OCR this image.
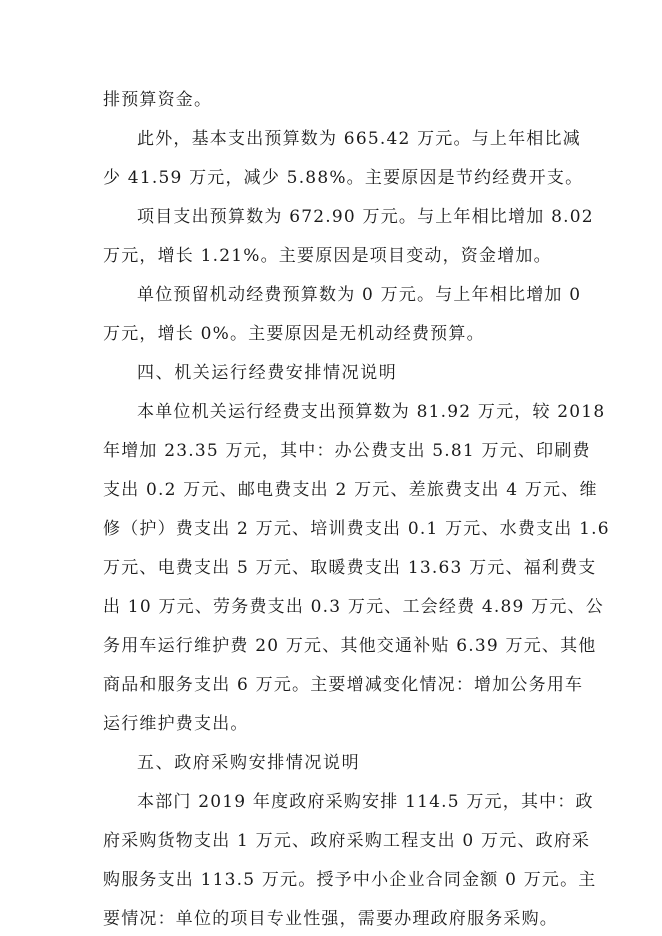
排预算资金。
此外，基本支出预算数为 665.42 万元。与上年相比减
少 41.59 万元，减少 5.88%。主要原因是节约经费开支。
项目支出预算数为 672.90 万元。与上年相比增加 8.02
万元，增长 1.21%。主要原因是项目变动，资金增加。
单位预留机动经费预算数为 0 万元。与上年相比增加 0
万元，增长 0%。主要原因是无机动经费预算。
四、机关运行经费安排情况说明
本单位机关运行经费支出预算数为 81.92 万元，较 2018
年增加 23.35 万元，其中：办公费支出 5.81 万元、印刷费
支出 0.2 万元、邮电费支出 2 万元、差旅费支出 4 万元、维
修（护）费支出 2 万元、培训费支出 0.1 万元、水费支出 1.6
万元、电费支出 5 万元、取暖费支出 13.63 万元、福利费支
出 10 万元、劳务费支出 0.3 万元、工会经费 4.89 万元、公
务用车运行维护费 20 万元、其他交通补贴 6.39 万元、其他
商品和服务支出 6 万元。主要增减变化情况：增加公务用车
运行维护费支出。
五、政府采购安排情况说明
本部门 2019 年度政府采购安排 114.5 万元，其中：政
府采购货物支出 1 万元、政府采购工程支出 0 万元、政府采
购服务支出 113.5 万元。授予中小企业合同金额 0 万元。主
要情况：单位的项目专业性强，需要办理政府服务采购。
